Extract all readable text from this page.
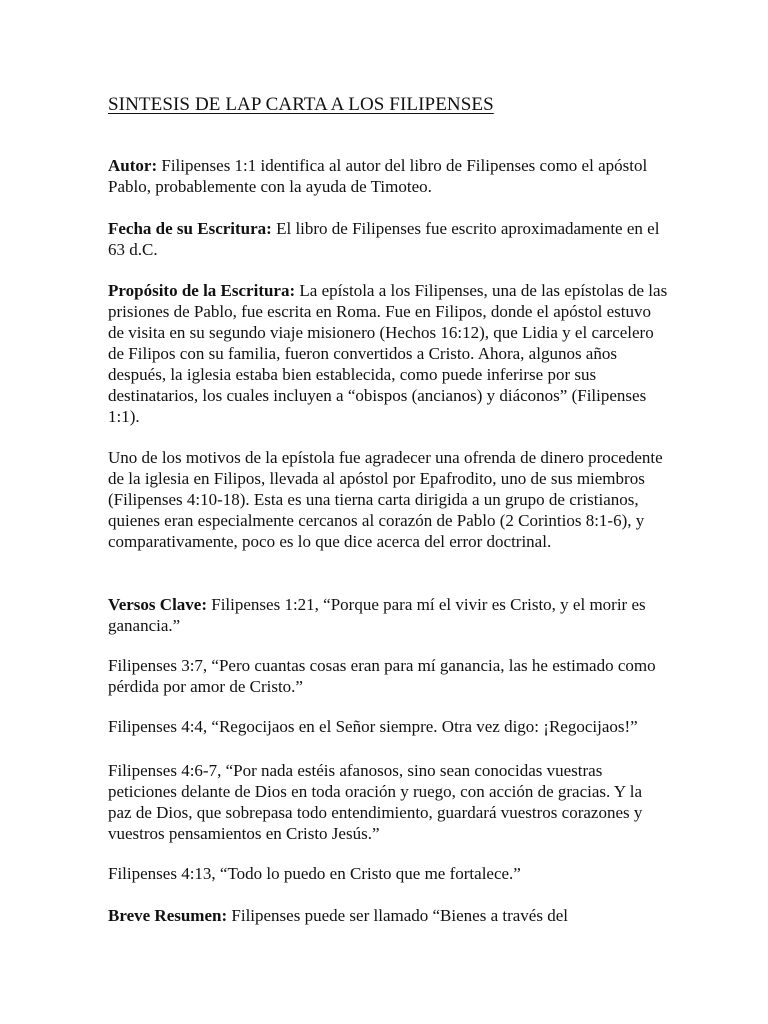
SINTESIS DE LAP CARTA A LOS FILIPENSES

Autor: Filipenses 1:1 identifica al autor del libro de Filipenses como el apóstol Pablo, probablemente con la ayuda de Timoteo.

Fecha de su Escritura: El libro de Filipenses fue escrito aproximadamente en el 63 d.C.

Propósito de la Escritura: La epístola a los Filipenses, una de las epístolas de las prisiones de Pablo, fue escrita en Roma. Fue en Filipos, donde el apóstol estuvo de visita en su segundo viaje misionero (Hechos 16:12), que Lidia y el carcelero de Filipos con su familia, fueron convertidos a Cristo. Ahora, algunos años después, la iglesia estaba bien establecida, como puede inferirse por sus destinatarios, los cuales incluyen a “obispos (ancianos) y diáconos” (Filipenses 1:1).

Uno de los motivos de la epístola fue agradecer una ofrenda de dinero procedente de la iglesia en Filipos, llevada al apóstol por Epafrodito, uno de sus miembros (Filipenses 4:10-18). Esta es una tierna carta dirigida a un grupo de cristianos, quienes eran especialmente cercanos al corazón de Pablo (2 Corintios 8:1-6), y comparativamente, poco es lo que dice acerca del error doctrinal.

Versos Clave: Filipenses 1:21, “Porque para mí el vivir es Cristo, y el morir es ganancia.”

Filipenses 3:7, “Pero cuantas cosas eran para mí ganancia, las he estimado como pérdida por amor de Cristo.”

Filipenses 4:4, “Regocijaos en el Señor siempre. Otra vez digo: ¡Regocijaos!”

Filipenses 4:6-7, “Por nada estéis afanosos, sino sean conocidas vuestras peticiones delante de Dios en toda oración y ruego, con acción de gracias. Y la paz de Dios, que sobrepasa todo entendimiento, guardará vuestros corazones y vuestros pensamientos en Cristo Jesús.”

Filipenses 4:13, “Todo lo puedo en Cristo que me fortalece.”

Breve Resumen: Filipenses puede ser llamado “Bienes a través del
